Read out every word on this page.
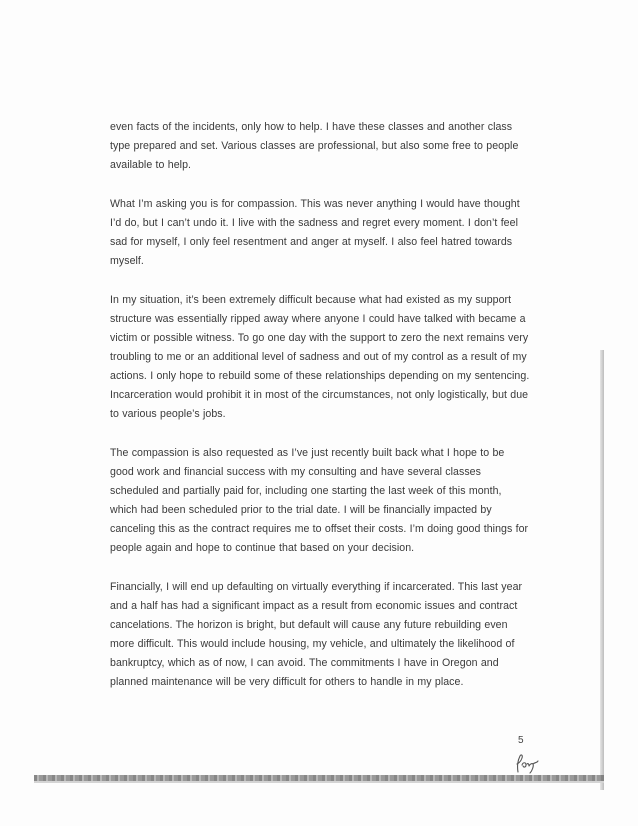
even facts of the incidents, only how to help. I have these classes and another class type prepared and set. Various classes are professional, but also some free to people available to help.

What I’m asking you is for compassion. This was never anything I would have thought I’d do, but I can’t undo it. I live with the sadness and regret every moment. I don’t feel sad for myself, I only feel resentment and anger at myself. I also feel hatred towards myself.

In my situation, it’s been extremely difficult because what had existed as my support structure was essentially ripped away where anyone I could have talked with became a victim or possible witness. To go one day with the support to zero the next remains very troubling to me or an additional level of sadness and out of my control as a result of my actions. I only hope to rebuild some of these relationships depending on my sentencing. Incarceration would prohibit it in most of the circumstances, not only logistically, but due to various people’s jobs.

The compassion is also requested as I’ve just recently built back what I hope to be good work and financial success with my consulting and have several classes scheduled and partially paid for, including one starting the last week of this month, which had been scheduled prior to the trial date. I will be financially impacted by canceling this as the contract requires me to offset their costs. I’m doing good things for people again and hope to continue that based on your decision.

Financially, I will end up defaulting on virtually everything if incarcerated. This last year and a half has had a significant impact as a result from economic issues and contract cancelations. The horizon is bright, but default will cause any future rebuilding even more difficult. This would include housing, my vehicle, and ultimately the likelihood of bankruptcy, which as of now, I can avoid. The commitments I have in Oregon and planned maintenance will be very difficult for others to handle in my place.

5
